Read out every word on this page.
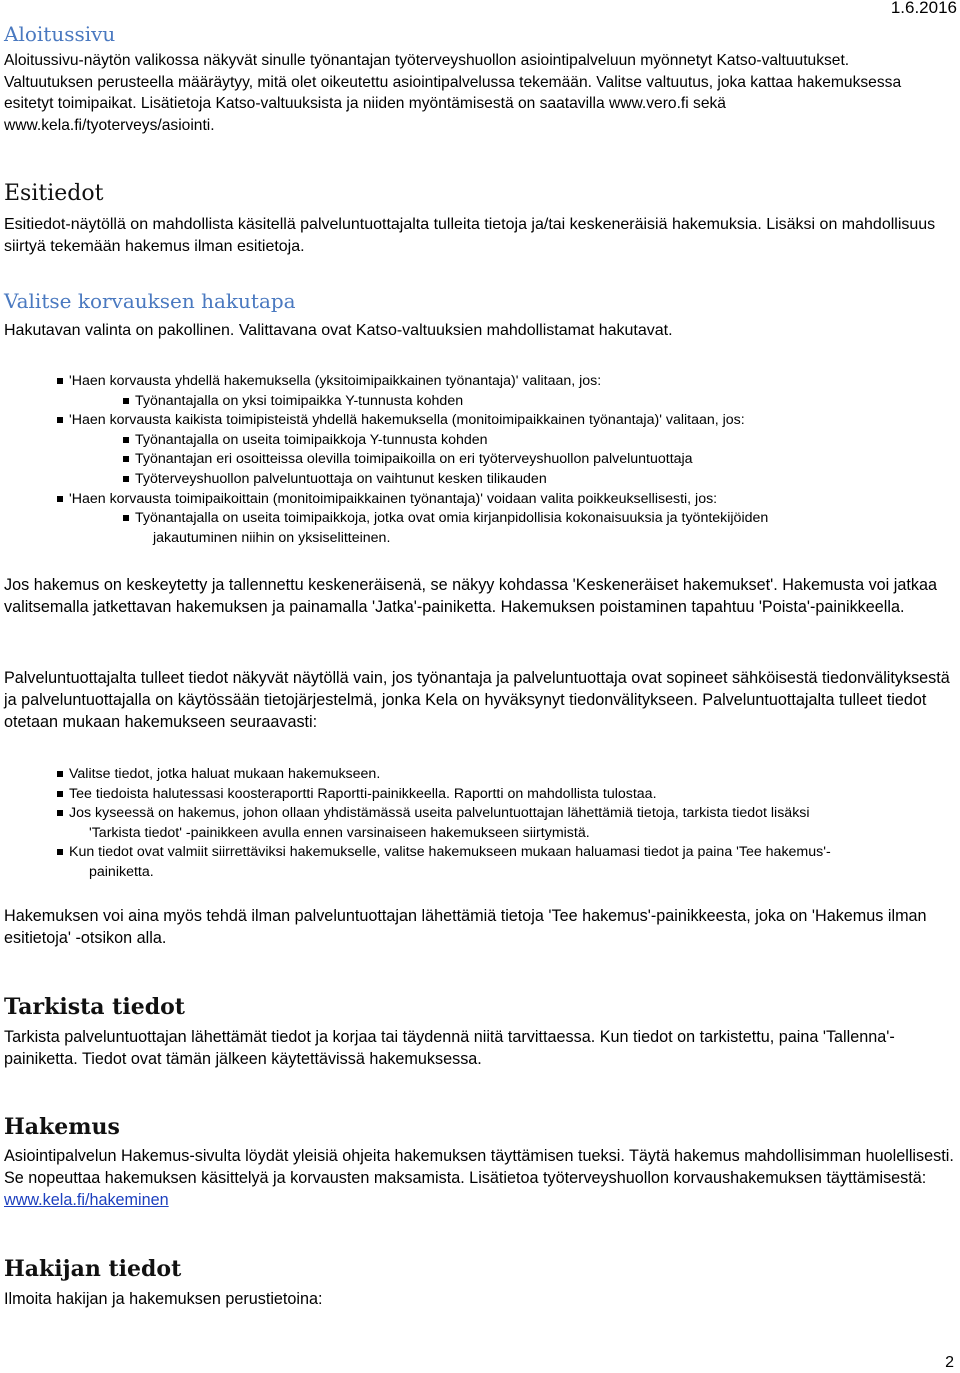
1.6.2016
Aloitussivu

Aloitussivu-näytön valikossa näkyvät sinulle työnantajan työterveyshuollon asiointipalveluun myönnetyt Katso-valtuutukset. Valtuutuksen perusteella määräytyy, mitä olet oikeutettu asiointipalvelussa tekemään. Valitse valtuutus, joka kattaa hakemuksessa esitetyt toimipaikat. Lisätietoja Katso-valtuuksista ja niiden myöntämisestä on saatavilla www.vero.fi sekä www.kela.fi/tyoterveys/asiointi.

Esitiedot

Esitiedot-näytöllä on mahdollista käsitellä palveluntuottajalta tulleita tietoja ja/tai keskeneräisiä hakemuksia. Lisäksi on mahdollisuus siirtyä tekemään hakemus ilman esitietoja.

Valitse korvauksen hakutapa

Hakutavan valinta on pakollinen. Valittavana ovat Katso-valtuuksien mahdollistamat hakutavat.

'Haen korvausta yhdellä hakemuksella (yksitoimipaikkainen työnantaja)' valitaan, jos:
Työnantajalla on yksi toimipaikka Y-tunnusta kohden
'Haen korvausta kaikista toimipisteistä yhdellä hakemuksella (monitoimipaikkainen työnantaja)' valitaan, jos:
Työnantajalla on useita toimipaikkoja Y-tunnusta kohden
Työnantajan eri osoitteissa olevilla toimipaikoilla on eri työterveyshuollon palveluntuottaja
Työterveyshuollon palveluntuottaja on vaihtunut kesken tilikauden
'Haen korvausta toimipaikoittain (monitoimipaikkainen työnantaja)' voidaan valita poikkeuksellisesti, jos:
Työnantajalla on useita toimipaikkoja, jotka ovat omia kirjanpidollisia kokonaisuuksia ja työntekijöiden
jakautuminen niihin on yksiselitteinen.

Jos hakemus on keskeytetty ja tallennettu keskeneräisenä, se näkyy kohdassa 'Keskeneräiset hakemukset'. Hakemusta voi jatkaa valitsemalla jatkettavan hakemuksen ja painamalla 'Jatka'-painiketta. Hakemuksen poistaminen tapahtuu 'Poista'-painikkeella.

Palveluntuottajalta tulleet tiedot näkyvät näytöllä vain, jos työnantaja ja palveluntuottaja ovat sopineet sähköisestä tiedonvälityksestä ja palveluntuottajalla on käytössään tietojärjestelmä, jonka Kela on hyväksynyt tiedonvälitykseen. Palveluntuottajalta tulleet tiedot otetaan mukaan hakemukseen seuraavasti:

Valitse tiedot, jotka haluat mukaan hakemukseen.
Tee tiedoista halutessasi koosteraportti Raportti-painikkeella. Raportti on mahdollista tulostaa.
Jos kyseessä on hakemus, johon ollaan yhdistämässä useita palveluntuottajan lähettämiä tietoja, tarkista tiedot lisäksi
'Tarkista tiedot' -painikkeen avulla ennen varsinaiseen hakemukseen siirtymistä.
Kun tiedot ovat valmiit siirrettäviksi hakemukselle, valitse hakemukseen mukaan haluamasi tiedot ja paina 'Tee hakemus'-
painiketta.

Hakemuksen voi aina myös tehdä ilman palveluntuottajan lähettämiä tietoja 'Tee hakemus'-painikkeesta, joka on 'Hakemus ilman esitietoja' -otsikon alla.

Tarkista tiedot

Tarkista palveluntuottajan lähettämät tiedot ja korjaa tai täydennä niitä tarvittaessa. Kun tiedot on tarkistettu, paina 'Tallenna'-painiketta. Tiedot ovat tämän jälkeen käytettävissä hakemuksessa.

Hakemus

Asiointipalvelun Hakemus-sivulta löydät yleisiä ohjeita hakemuksen täyttämisen tueksi. Täytä hakemus mahdollisimman huolellisesti. Se nopeuttaa hakemuksen käsittelyä ja korvausten maksamista. Lisätietoa työterveyshuollon korvaushakemuksen täyttämisestä: www.kela.fi/hakeminen

Hakijan tiedot

Ilmoita hakijan ja hakemuksen perustietoina:

2
